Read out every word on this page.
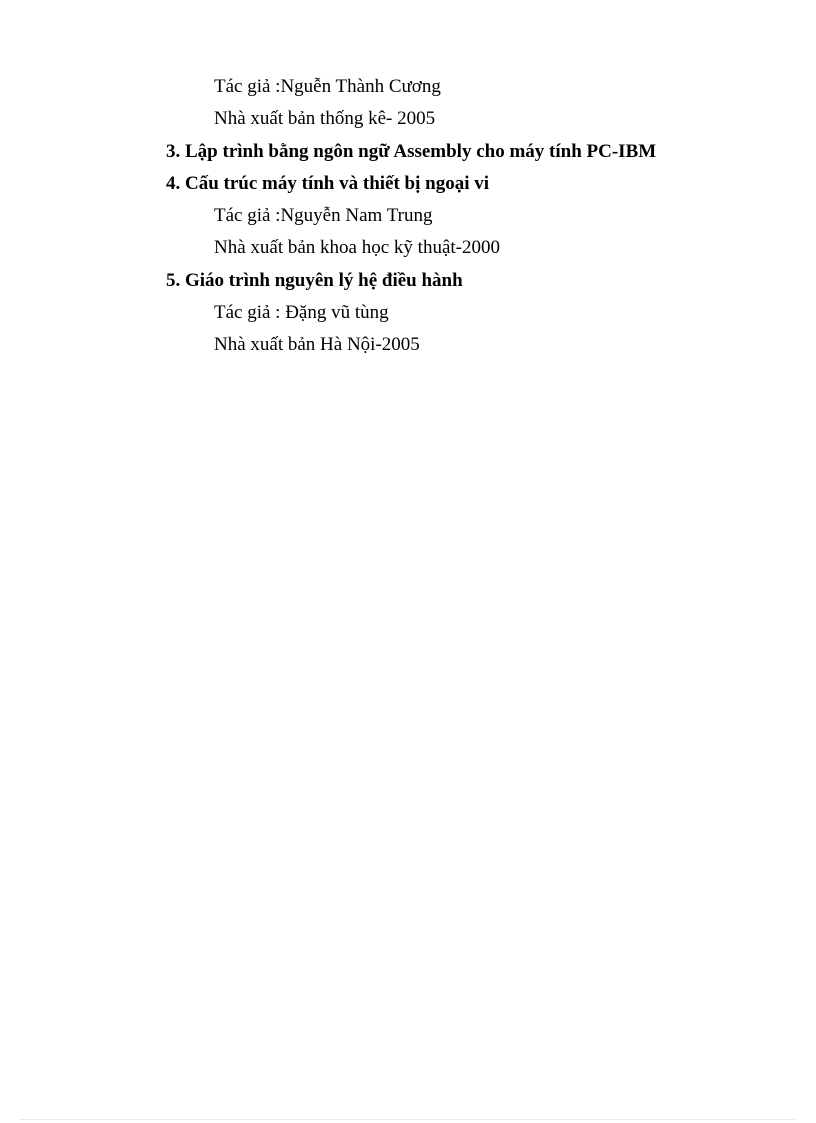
Tác giả :Nguễn Thành Cương
Nhà xuất bản thống kê- 2005
3. Lập trình bằng ngôn ngữ Assembly cho máy tính PC-IBM
4. Cấu trúc máy tính và thiết bị ngoại vi
Tác giả :Nguyễn Nam Trung
Nhà xuất bản khoa học kỹ thuật-2000
5. Giáo trình nguyên lý hệ điều hành
Tác giả : Đặng vũ tùng
Nhà xuất bản Hà Nội-2005
